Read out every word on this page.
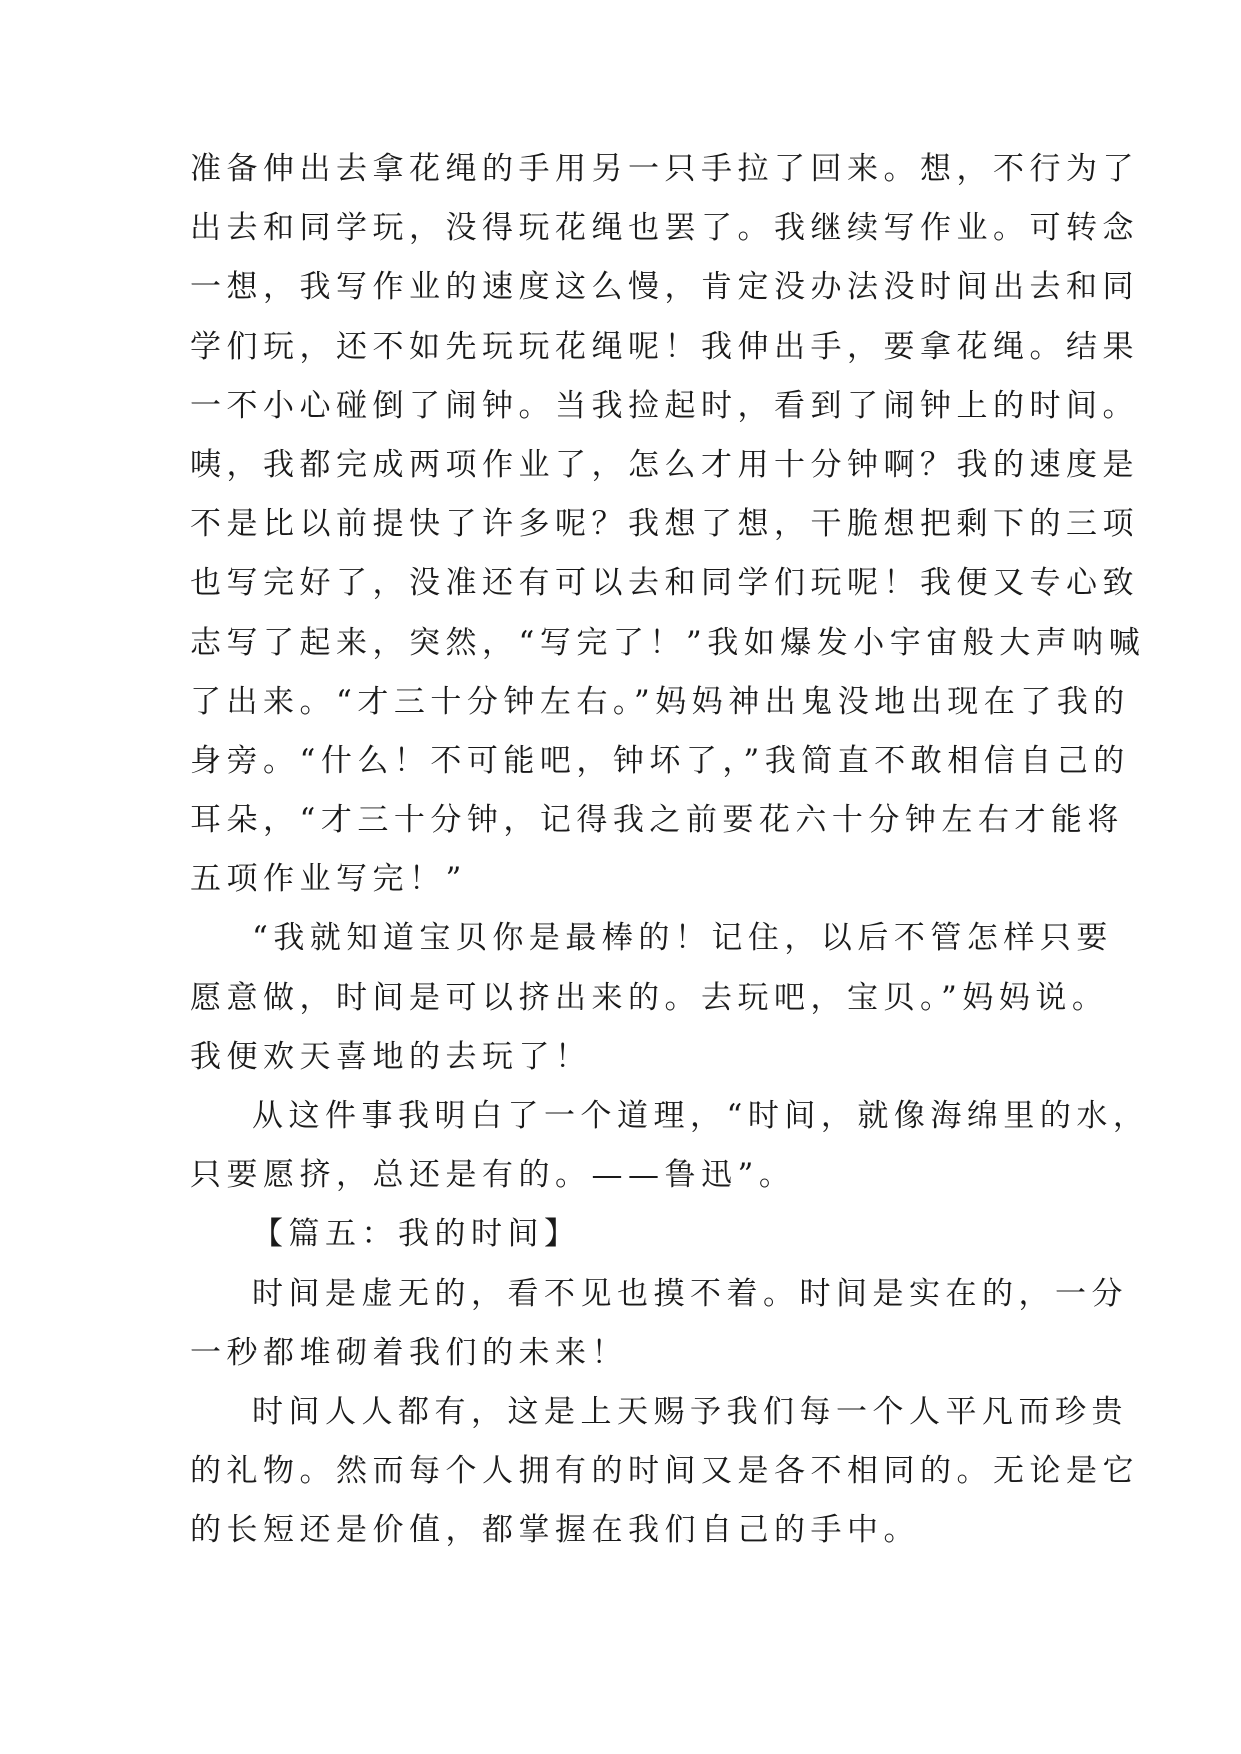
准备伸出去拿花绳的手用另一只手拉了回来。想，不行为了
出去和同学玩，没得玩花绳也罢了。我继续写作业。可转念
一想，我写作业的速度这么慢，肯定没办法没时间出去和同
学们玩，还不如先玩玩花绳呢！我伸出手，要拿花绳。结果
一不小心碰倒了闹钟。当我捡起时，看到了闹钟上的时间。
咦，我都完成两项作业了，怎么才用十分钟啊？我的速度是
不是比以前提快了许多呢？我想了想，干脆想把剩下的三项
也写完好了，没准还有可以去和同学们玩呢！我便又专心致
志写了起来，突然，“写完了！”我如爆发小宇宙般大声呐喊
了出来。“才三十分钟左右。”妈妈神出鬼没地出现在了我的
身旁。“什么！不可能吧，钟坏了，”我简直不敢相信自己的
耳朵，“才三十分钟，记得我之前要花六十分钟左右才能将
五项作业写完！”
“我就知道宝贝你是最棒的！记住，以后不管怎样只要
愿意做，时间是可以挤出来的。去玩吧，宝贝。”妈妈说。
我便欢天喜地的去玩了！
从这件事我明白了一个道理，“时间，就像海绵里的水，
只要愿挤，总还是有的。——鲁迅”。
【篇五：我的时间】
时间是虚无的，看不见也摸不着。时间是实在的，一分
一秒都堆砌着我们的未来！
时间人人都有，这是上天赐予我们每一个人平凡而珍贵
的礼物。然而每个人拥有的时间又是各不相同的。无论是它
的长短还是价值，都掌握在我们自己的手中。
